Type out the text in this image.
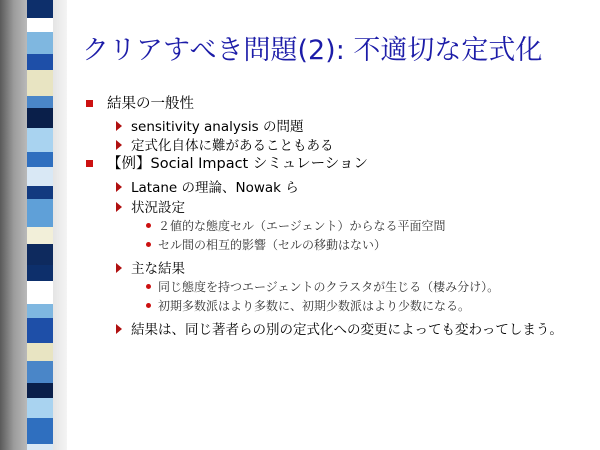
クリアすべき問題(2): 不適切な定式化
結果の一般性
sensitivity analysis の問題
定式化自体に難があることもある
【例】Social Impact シミュレーション
Latane の理論、Nowak ら
状況設定
２値的な態度セル（エージェント）からなる平面空間
セル間の相互的影響（セルの移動はない）
主な結果
同じ態度を持つエージェントのクラスタが生じる（棲み分け）。
初期多数派はより多数に、初期少数派はより少数になる。
結果は、同じ著者らの別の定式化への変更によっても変わってしまう。
